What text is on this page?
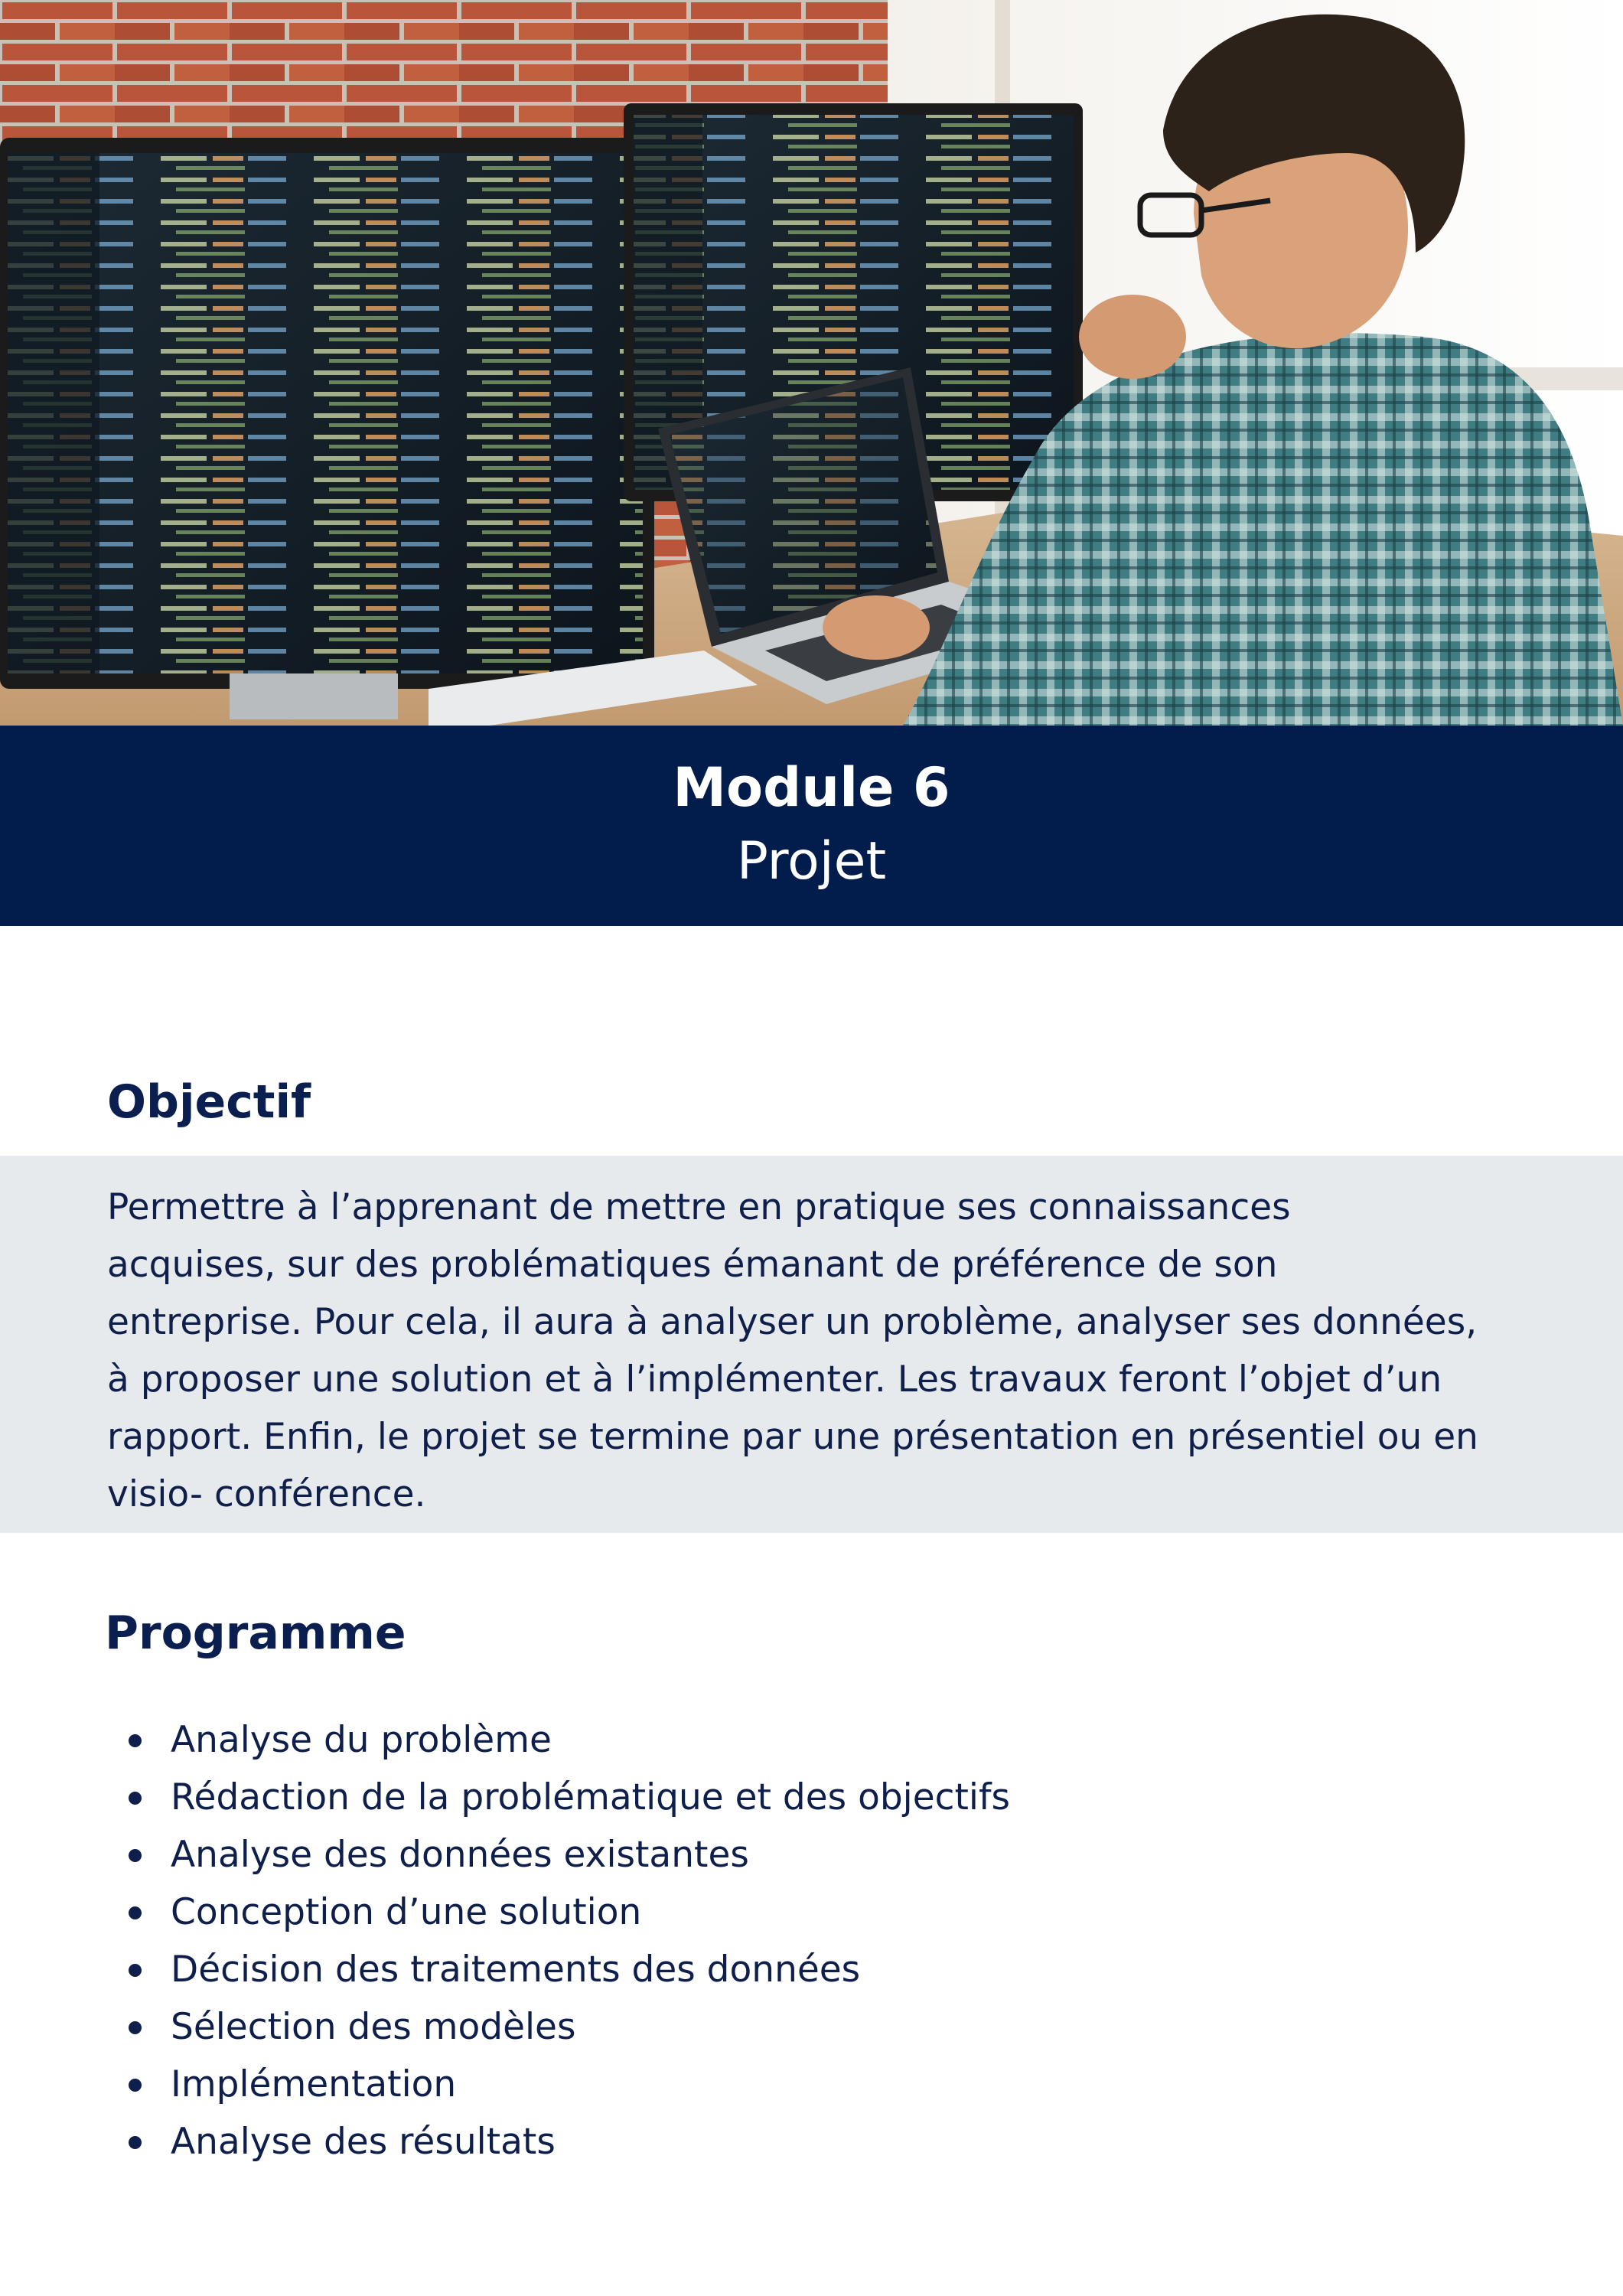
Module 6
Projet
Objectif

Permettre à l’apprenant de mettre en pratique ses connaissances
acquises, sur des problématiques émanant de préférence de son
entreprise. Pour cela, il aura à analyser un problème, analyser ses données,
à proposer une solution et à l’implémenter. Les travaux feront l’objet d’un
rapport. Enfin, le projet se termine par une présentation en présentiel ou en
visio- conférence.

Programme
Analyse du problème
Rédaction de la problématique et des objectifs
Analyse des données existantes
Conception d’une solution
Décision des traitements des données
Sélection des modèles
Implémentation
Analyse des résultats
